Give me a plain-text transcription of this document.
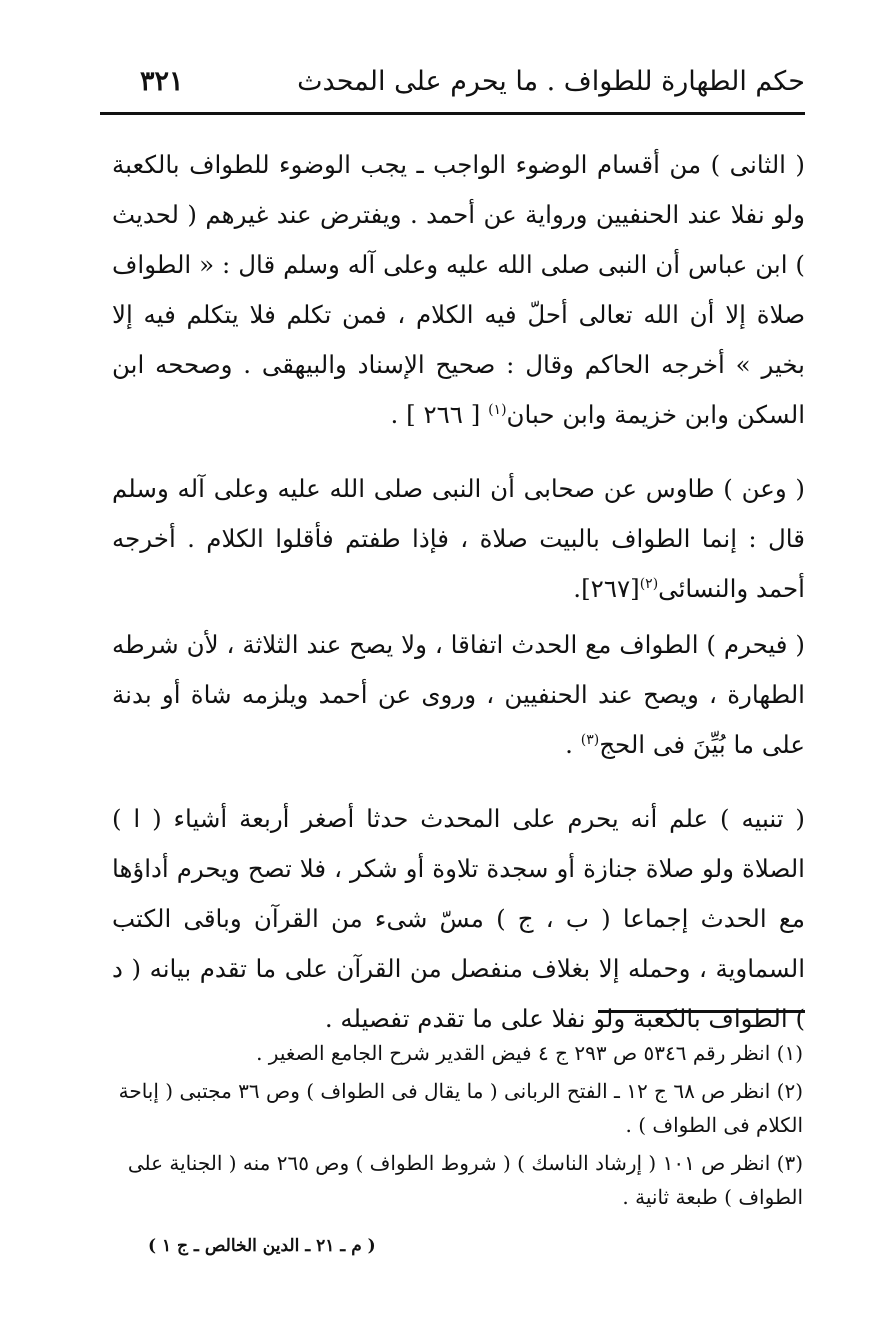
حكم الطهارة للطواف . ما يحرم على المحدث
٣٢١

( الثانى ) من أقسام الوضوء الواجب ـ يجب الوضوء للطواف بالكعبة ولو نفلا عند الحنفيين ورواية عن أحمد . ويفترض عند غيرهم ( لحديث ) ابن عباس أن النبى صلى الله عليه وعلى آله وسلم قال : « الطواف صلاة إلا أن الله تعالى أحلّ فيه الكلام ، فمن تكلم فلا يتكلم فيه إلا بخير » أخرجه الحاكم وقال : صحيح الإسناد والبيهقى . وصححه ابن السكن وابن خزيمة وابن حبان$^{(١)}$ [ ٢٦٦ ] .

( وعن ) طاوس عن صحابى أن النبى صلى الله عليه وعلى آله وسلم قال : إنما الطواف بالبيت صلاة ، فإذا طفتم فأقلوا الكلام . أخرجه أحمد والنسائى$^{(٢)}$[٢٦٧].

( فيحرم ) الطواف مع الحدث اتفاقا ، ولا يصح عند الثلاثة ، لأن شرطه الطهارة ، ويصح عند الحنفيين ، وروى عن أحمد ويلزمه شاة أو بدنة على ما بُيِّنَ فى الحج$^{(٣)}$ .

( تنبيه ) علم أنه يحرم على المحدث حدثا أصغر أربعة أشياء ( ا ) الصلاة ولو صلاة جنازة أو سجدة تلاوة أو شكر ، فلا تصح ويحرم أداؤها مع الحدث إجماعا ( ب ، ج ) مسّ شىء من القرآن وباقى الكتب السماوية ، وحمله إلا بغلاف منفصل من القرآن على ما تقدم بيانه ( د ) الطواف بالكعبة ولو نفلا على ما تقدم تفصيله .

(١) انظر رقم ٥٣٤٦ ص ٢٩٣ ج ٤ فيض القدير شرح الجامع الصغير .

(٢) انظر ص ٦٨ ج ١٢ ـ الفتح الربانى ( ما يقال فى الطواف ) وص ٣٦ مجتبى ( إباحة الكلام فى الطواف ) .

(٣) انظر ص ١٠١ ( إرشاد الناسك ) ( شروط الطواف ) وص ٢٦٥ منه ( الجناية على الطواف ) طبعة ثانية .

( م ـ ٢١ ـ الدين الخالص ـ ج ١ )
